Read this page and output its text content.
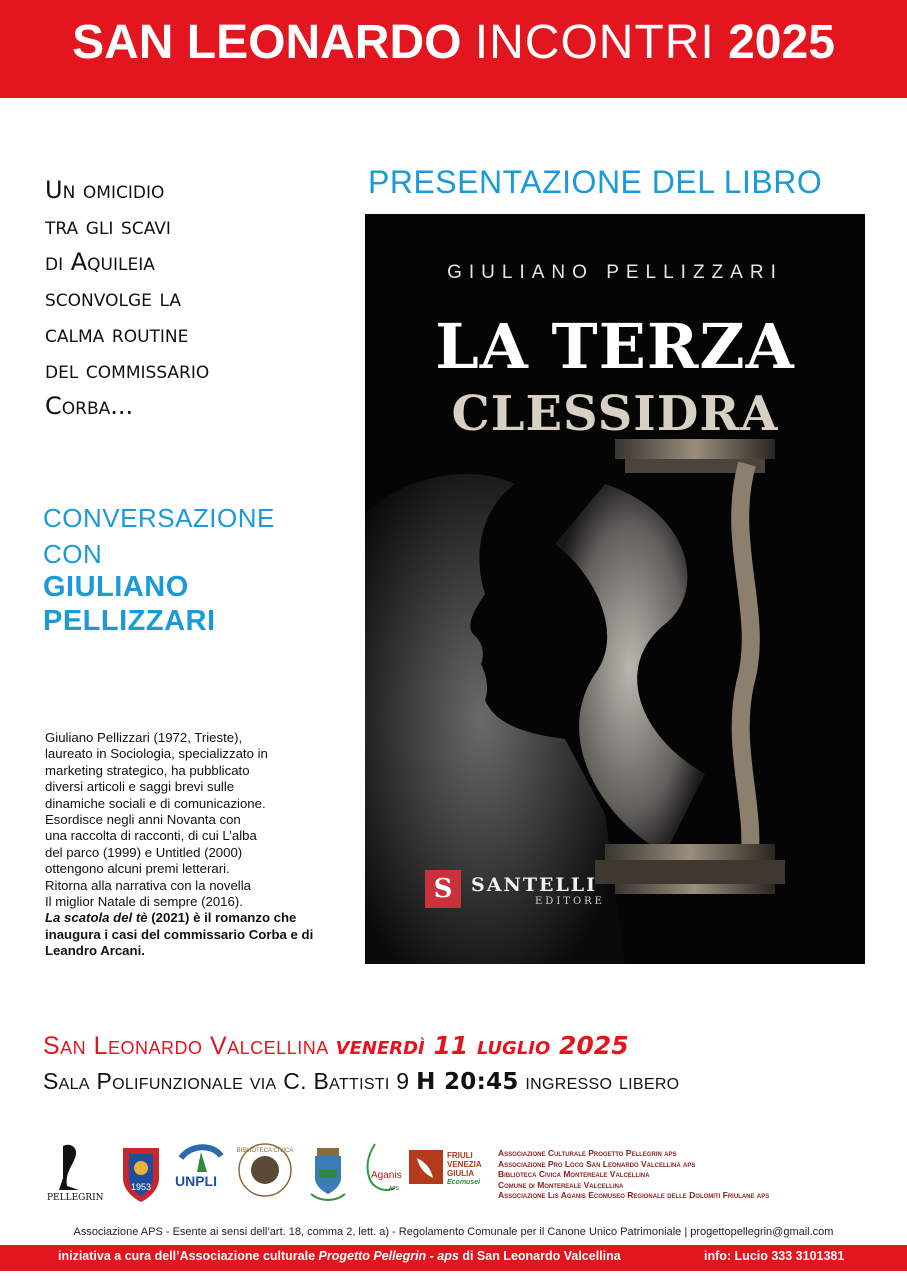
SAN LEONARDO INCONTRI 2025
Un omicidio
tra gli scavi
di Aquileia
sconvolge la
calma routine
del commissario
Corba...
PRESENTAZIONE DEL LIBRO
CONVERSAZIONE
CON
GIULIANO
PELLIZZARI
Giuliano Pellizzari (1972, Trieste),
laureato in Sociologia, specializzato in
marketing strategico, ha pubblicato
diversi articoli e saggi brevi sulle
dinamiche sociali e di comunicazione.
Esordisce negli anni Novanta con
una raccolta di racconti, di cui L’alba
del parco (1999) e Untitled (2000)
ottengono alcuni premi letterari.
Ritorna alla narrativa con la novella
Il miglior Natale di sempre (2016).
La scatola del tè (2021) è il romanzo che inaugura i casi del commissario Corba e di Leandro Arcani.
GIULIANO PELLIZZARI
LA TERZA
CLESSIDRA
S SANTELLI
EDITORE
San Leonardo Valcellina venerdì 11 luglio 2025
Sala Polifunzionale via C. Battisti 9 H 20:45 ingresso libero
PELLEGRIN
1953 UNPLI
BIBLIOTECA CIVICA
Aganis
APS
FRIULI
VENEZIA
GIULIA
Ecomusei
Associazione Culturale Progetto Pellegrin aps
Associazione Pro Loco San Leonardo Valcellina aps
Biblioteca Civica Montereale Valcellina
Comune di Montereale Valcellina
Associazione Lis Aganis Ecomuseo Regionale delle Dolomiti Friulane aps
Associazione APS - Esente ai sensi dell’art. 18, comma 2, lett. a) - Regolamento Comunale per il Canone Unico Patrimoniale | progettopellegrin@gmail.com
iniziativa a cura dell’Associazione culturale Progetto Pellegrin - aps di San Leonardo Valcellina	info: Lucio 333 3101381
